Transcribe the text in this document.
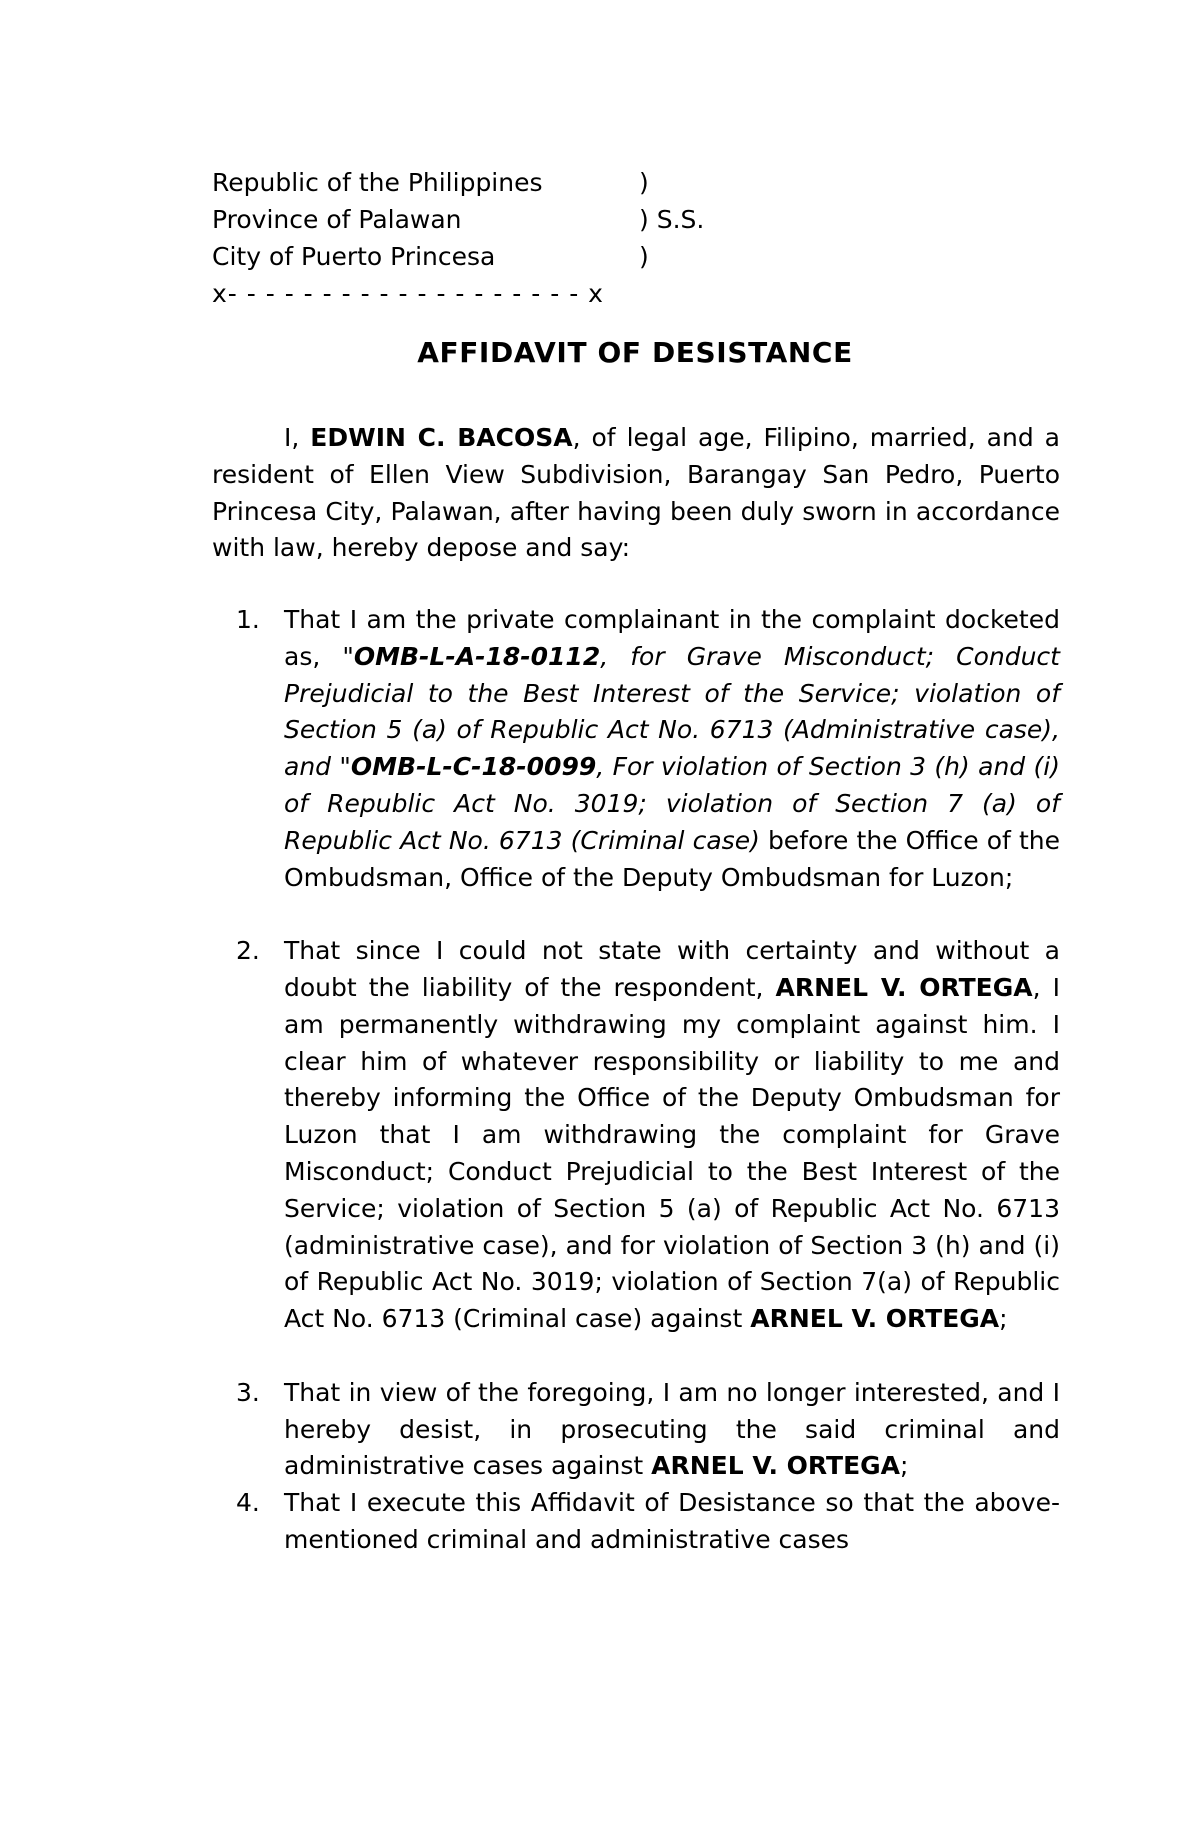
Republic of the Philippines	)
Province of Palawan	) S.S.
City of Puerto Princesa	)
x- - - - - - - - - - - - - - - - - - - x
AFFIDAVIT OF DESISTANCE
I, EDWIN C. BACOSA, of legal age, Filipino, married, and a resident of Ellen View Subdivision, Barangay San Pedro, Puerto Princesa City, Palawan, after having been duly sworn in accordance with law, hereby depose and say:
1. That I am the private complainant in the complaint docketed as, "OMB-L-A-18-0112, for Grave Misconduct; Conduct Prejudicial to the Best Interest of the Service; violation of Section 5 (a) of Republic Act No. 6713 (Administrative case), and "OMB-L-C-18-0099, For violation of Section 3 (h) and (i) of Republic Act No. 3019; violation of Section 7 (a) of Republic Act No. 6713 (Criminal case) before the Office of the Ombudsman, Office of the Deputy Ombudsman for Luzon;
2. That since I could not state with certainty and without a doubt the liability of the respondent, ARNEL V. ORTEGA, I am permanently withdrawing my complaint against him. I clear him of whatever responsibility or liability to me and thereby informing the Office of the Deputy Ombudsman for Luzon that I am withdrawing the complaint for Grave Misconduct; Conduct Prejudicial to the Best Interest of the Service; violation of Section 5 (a) of Republic Act No. 6713 (administrative case), and for violation of Section 3 (h) and (i) of Republic Act No. 3019; violation of Section 7(a) of Republic Act No. 6713 (Criminal case) against ARNEL V. ORTEGA;
3. That in view of the foregoing, I am no longer interested, and I hereby desist, in prosecuting the said criminal and administrative cases against ARNEL V. ORTEGA;
4. That I execute this Affidavit of Desistance so that the above-mentioned criminal and administrative cases
